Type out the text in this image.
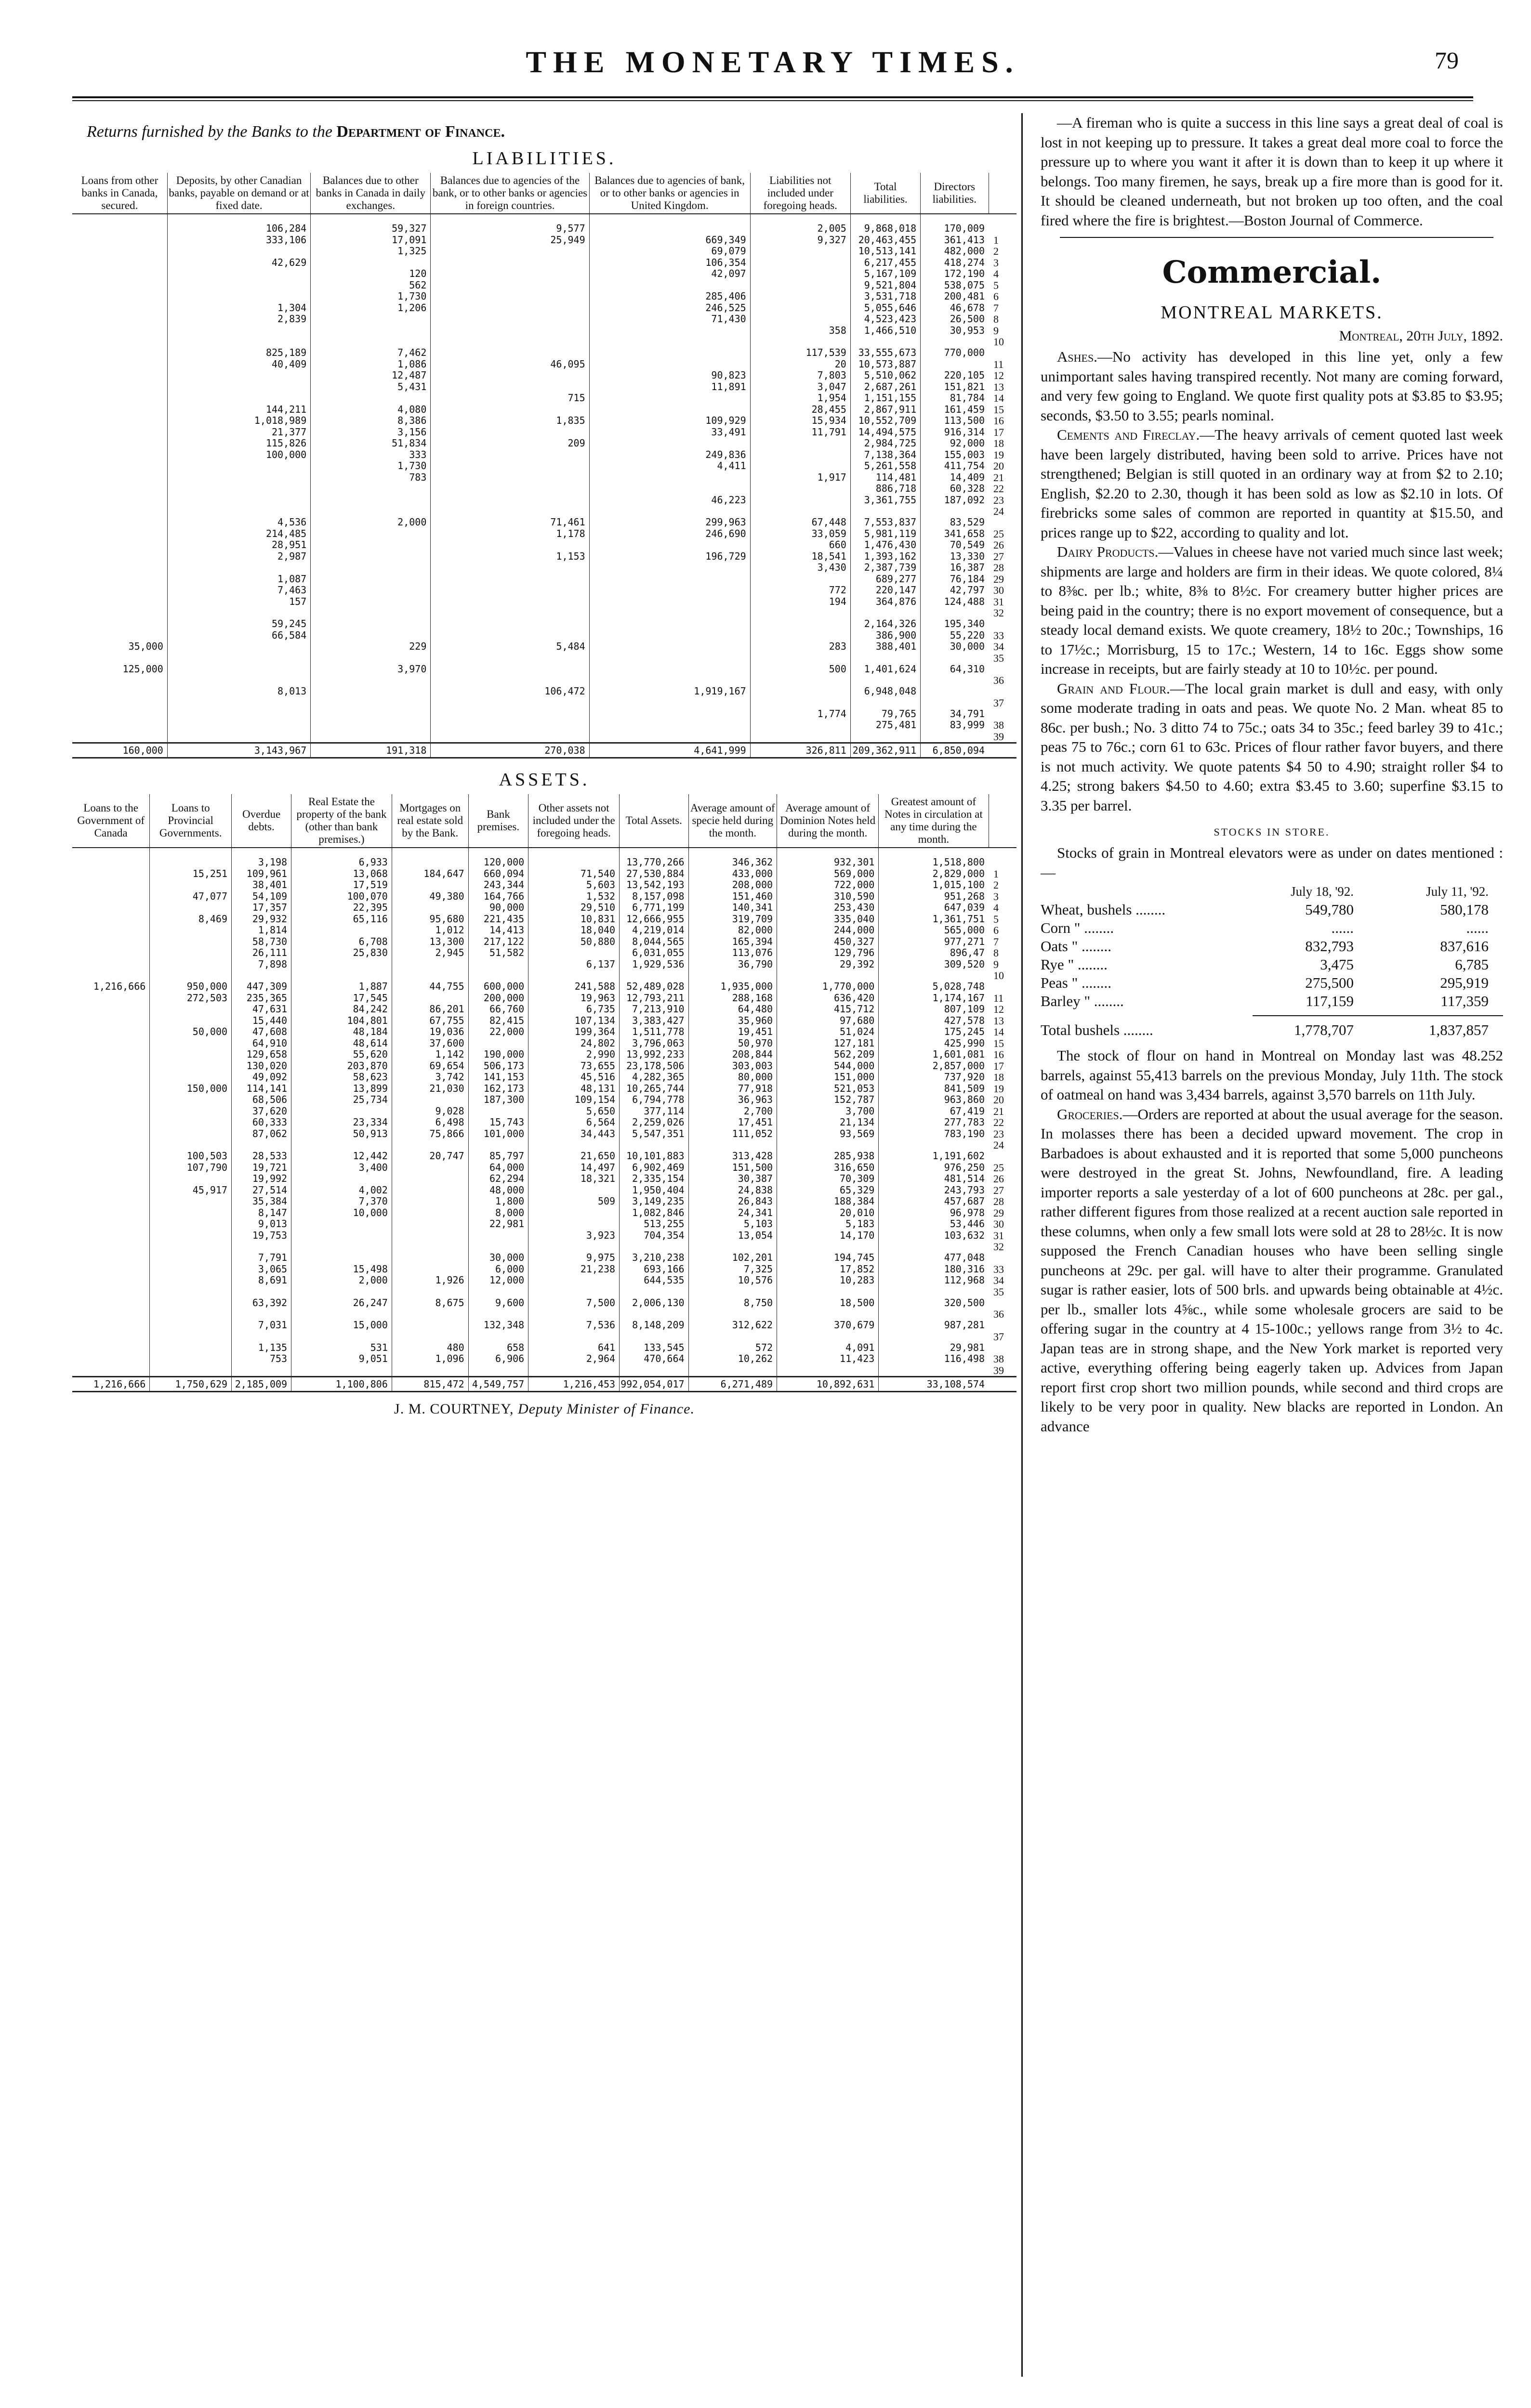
THE MONETARY TIMES.	79
Returns furnished by the Banks to the Department of Finance.
LIABILITIES.
Loans from other banks in Canada, secured.	Deposits, by other Canadian banks, payable on demand or at fixed date.	Balances due to other banks in Canada in daily exchanges.	Balances due to agencies of the bank, or to other banks or agencies in foreign countries.	Balances due to agencies of bank, or to other banks or agencies in United Kingdom.	Liabilities not included under foregoing heads.	Total liabilities.	Directors liabilities.	

	106,284	59,327	9,577		2,005	9,868,018	170,009	
	333,106	17,091	25,949	669,349	9,327	20,463,455	361,413	1
		1,325		69,079		10,513,141	482,000	2
	42,629			106,354		6,217,455	418,274	3
		120		42,097		5,167,109	172,190	4
		562				9,521,804	538,075	5
		1,730		285,406		3,531,718	200,481	6
	1,304	1,206		246,525		5,055,646	46,678	7
	2,839			71,430		4,523,423	26,500	8
					358	1,466,510	30,953	9
								10
	825,189	7,462			117,539	33,555,673	770,000	
	40,409	1,086	46,095		20	10,573,887		11
		12,487		90,823	7,803	5,510,062	220,105	12
		5,431		11,891	3,047	2,687,261	151,821	13
			715		1,954	1,151,155	81,784	14
	144,211	4,080			28,455	2,867,911	161,459	15
	1,018,989	8,386	1,835	109,929	15,934	10,552,709	113,500	16
	21,377	3,156		33,491	11,791	14,494,575	916,314	17
	115,826	51,834	209			2,984,725	92,000	18
	100,000	333		249,836		7,138,364	155,003	19
		1,730		4,411		5,261,558	411,754	20
		783			1,917	114,481	14,409	21
						886,718	60,328	22
				46,223		3,361,755	187,092	23
								24
	4,536	2,000	71,461	299,963	67,448	7,553,837	83,529	
	214,485		1,178	246,690	33,059	5,981,119	341,658	25
	28,951				660	1,476,430	70,549	26
	2,987		1,153	196,729	18,541	1,393,162	13,330	27
					3,430	2,387,739	16,387	28
	1,087					689,277	76,184	29
	7,463				772	220,147	42,797	30
	157				194	364,876	124,488	31
								32
	59,245					2,164,326	195,340	
	66,584					386,900	55,220	33
35,000		229	5,484		283	388,401	30,000	34
								35
125,000		3,970			500	1,401,624	64,310	
								36
	8,013		106,472	1,919,167		6,948,048		
								37
					1,774	79,765	34,791	
						275,481	83,999	38
								39
160,000	3,143,967	191,318	270,038	4,641,999	326,811	209,362,911	6,850,094	
ASSETS.
Loans to the Government of Canada	Loans to Provincial Governments.	Overdue debts.	Real Estate the property of the bank (other than bank premises.)	Mortgages on real estate sold by the Bank.	Bank premises.	Other assets not included under the foregoing heads.	Total Assets.	Average amount of specie held during the month.	Average amount of Dominion Notes held during the month.	Greatest amount of Notes in circulation at any time during the month.	

		3,198	6,933		120,000		13,770,266	346,362	932,301	1,518,800	
	15,251	109,961	13,068	184,647	660,094	71,540	27,530,884	433,000	569,000	2,829,000	1
		38,401	17,519		243,344	5,603	13,542,193	208,000	722,000	1,015,100	2
	47,077	54,109	100,070	49,380	164,766	1,532	8,157,098	151,460	310,590	951,268	3
		17,357	22,395		90,000	29,510	6,771,199	140,341	253,430	647,039	4
	8,469	29,932	65,116	95,680	221,435	10,831	12,666,955	319,709	335,040	1,361,751	5
		1,814		1,012	14,413	18,040	4,219,014	82,000	244,000	565,000	6
		58,730	6,708	13,300	217,122	50,880	8,044,565	165,394	450,327	977,271	7
		26,111	25,830	2,945	51,582		6,031,055	113,076	129,796	896,47	8
		7,898				6,137	1,929,536	36,790	29,392	309,520	9
											10
1,216,666	950,000	447,309	1,887	44,755	600,000	241,588	52,489,028	1,935,000	1,770,000	5,028,748	
	272,503	235,365	17,545		200,000	19,963	12,793,211	288,168	636,420	1,174,167	11
		47,631	84,242	86,201	66,760	6,735	7,213,910	64,480	415,712	807,109	12
		15,440	104,801	67,755	82,415	107,134	3,383,427	35,960	97,680	427,578	13
	50,000	47,608	48,184	19,036	22,000	199,364	1,511,778	19,451	51,024	175,245	14
		64,910	48,614	37,600		24,802	3,796,063	50,970	127,181	425,990	15
		129,658	55,620	1,142	190,000	2,990	13,992,233	208,844	562,209	1,601,081	16
		130,020	203,870	69,654	506,173	73,655	23,178,506	303,003	544,000	2,857,000	17
		49,092	58,623	3,742	141,153	45,516	4,282,365	80,000	151,000	737,920	18
	150,000	114,141	13,899	21,030	162,173	48,131	10,265,744	77,918	521,053	841,509	19
		68,506	25,734		187,300	109,154	6,794,778	36,963	152,787	963,860	20
		37,620		9,028		5,650	377,114	2,700	3,700	67,419	21
		60,333	23,334	6,498	15,743	6,564	2,259,026	17,451	21,134	277,783	22
		87,062	50,913	75,866	101,000	34,443	5,547,351	111,052	93,569	783,190	23
											24
	100,503	28,533	12,442	20,747	85,797	21,650	10,101,883	313,428	285,938	1,191,602	
	107,790	19,721	3,400		64,000	14,497	6,902,469	151,500	316,650	976,250	25
		19,992			62,294	18,321	2,335,154	30,387	70,309	481,514	26
	45,917	27,514	4,002		48,000		1,950,404	24,838	65,329	243,793	27
		35,384	7,370		1,800	509	3,149,235	26,843	188,384	457,687	28
		8,147	10,000		8,000		1,082,846	24,341	20,010	96,978	29
		9,013			22,981		513,255	5,103	5,183	53,446	30
		19,753				3,923	704,354	13,054	14,170	103,632	31
											32
		7,791			30,000	9,975	3,210,238	102,201	194,745	477,048	
		3,065	15,498		6,000	21,238	693,166	7,325	17,852	180,316	33
		8,691	2,000	1,926	12,000		644,535	10,576	10,283	112,968	34
											35
		63,392	26,247	8,675	9,600	7,500	2,006,130	8,750	18,500	320,500	
											36
		7,031	15,000		132,348	7,536	8,148,209	312,622	370,679	987,281	
											37
		1,135	531	480	658	641	133,545	572	4,091	29,981	
		753	9,051	1,096	6,906	2,964	470,664	10,262	11,423	116,498	38
											39
1,216,666	1,750,629	2,185,009	1,100,806	815,472	4,549,757	1,216,453	992,054,017	6,271,489	10,892,631	33,108,574	
J. M. COURTNEY, Deputy Minister of Finance.

—A fireman who is quite a success in this line says a great deal of coal is lost in not keeping up to pressure. It takes a great deal more coal to force the pressure up to where you want it after it is down than to keep it up where it belongs. Too many firemen, he says, break up a fire more than is good for it. It should be cleaned underneath, but not broken up too often, and the coal fired where the fire is brightest.—Boston Journal of Commerce.

Commercial.
MONTREAL MARKETS.
Montreal, 20th July, 1892.

Ashes.—No activity has developed in this line yet, only a few unimportant sales having transpired recently. Not many are coming forward, and very few going to England. We quote first quality pots at $3.85 to $3.95; seconds, $3.50 to 3.55; pearls nominal.

Cements and Fireclay.—The heavy arrivals of cement quoted last week have been largely distributed, having been sold to arrive. Prices have not strengthened; Belgian is still quoted in an ordinary way at from $2 to 2.10; English, $2.20 to 2.30, though it has been sold as low as $2.10 in lots. Of firebricks some sales of common are reported in quantity at $15.50, and prices range up to $22, according to quality and lot.

Dairy Products.—Values in cheese have not varied much since last week; shipments are large and holders are firm in their ideas. We quote colored, 8¼ to 8⅜c. per lb.; white, 8⅜ to 8½c. For creamery butter higher prices are being paid in the country; there is no export movement of consequence, but a steady local demand exists. We quote creamery, 18½ to 20c.; Townships, 16 to 17½c.; Morrisburg, 15 to 17c.; Western, 14 to 16c. Eggs show some increase in receipts, but are fairly steady at 10 to 10½c. per pound.

Grain and Flour.—The local grain market is dull and easy, with only some moderate trading in oats and peas. We quote No. 2 Man. wheat 85 to 86c. per bush.; No. 3 ditto 74 to 75c.; oats 34 to 35c.; feed barley 39 to 41c.; peas 75 to 76c.; corn 61 to 63c. Prices of flour rather favor buyers, and there is not much activity. We quote patents $4 50 to 4.90; straight roller $4 to 4.25; strong bakers $4.50 to 4.60; extra $3.45 to 3.60; superfine $3.15 to 3.35 per barrel.

STOCKS IN STORE.

Stocks of grain in Montreal elevators were as under on dates mentioned :—

July 18, '92.	July 11, '92.
Wheat, bushels ........	549,780	580,178
Corn " ........	......	......
Oats " ........	832,793	837,616
Rye " ........	3,475	6,785
Peas " ........	275,500	295,919
Barley " ........	117,159	117,359
Total bushels ........	1,778,707	1,837,857

The stock of flour on hand in Montreal on Monday last was 48.252 barrels, against 55,413 barrels on the previous Monday, July 11th. The stock of oatmeal on hand was 3,434 barrels, against 3,570 barrels on 11th July.

Groceries.—Orders are reported at about the usual average for the season. In molasses there has been a decided upward movement. The crop in Barbadoes is about exhausted and it is reported that some 5,000 puncheons were destroyed in the great St. Johns, Newfoundland, fire. A leading importer reports a sale yesterday of a lot of 600 puncheons at 28c. per gal., rather different figures from those realized at a recent auction sale reported in these columns, when only a few small lots were sold at 28 to 28½c. It is now supposed the French Canadian houses who have been selling single puncheons at 29c. per gal. will have to alter their programme. Granulated sugar is rather easier, lots of 500 brls. and upwards being obtainable at 4½c. per lb., smaller lots 4⅝c., while some wholesale grocers are said to be offering sugar in the country at 4 15-100c.; yellows range from 3½ to 4c. Japan teas are in strong shape, and the New York market is reported very active, everything offering being eagerly taken up. Advices from Japan report first crop short two million pounds, while second and third crops are likely to be very poor in quality. New blacks are reported in London. An advance
